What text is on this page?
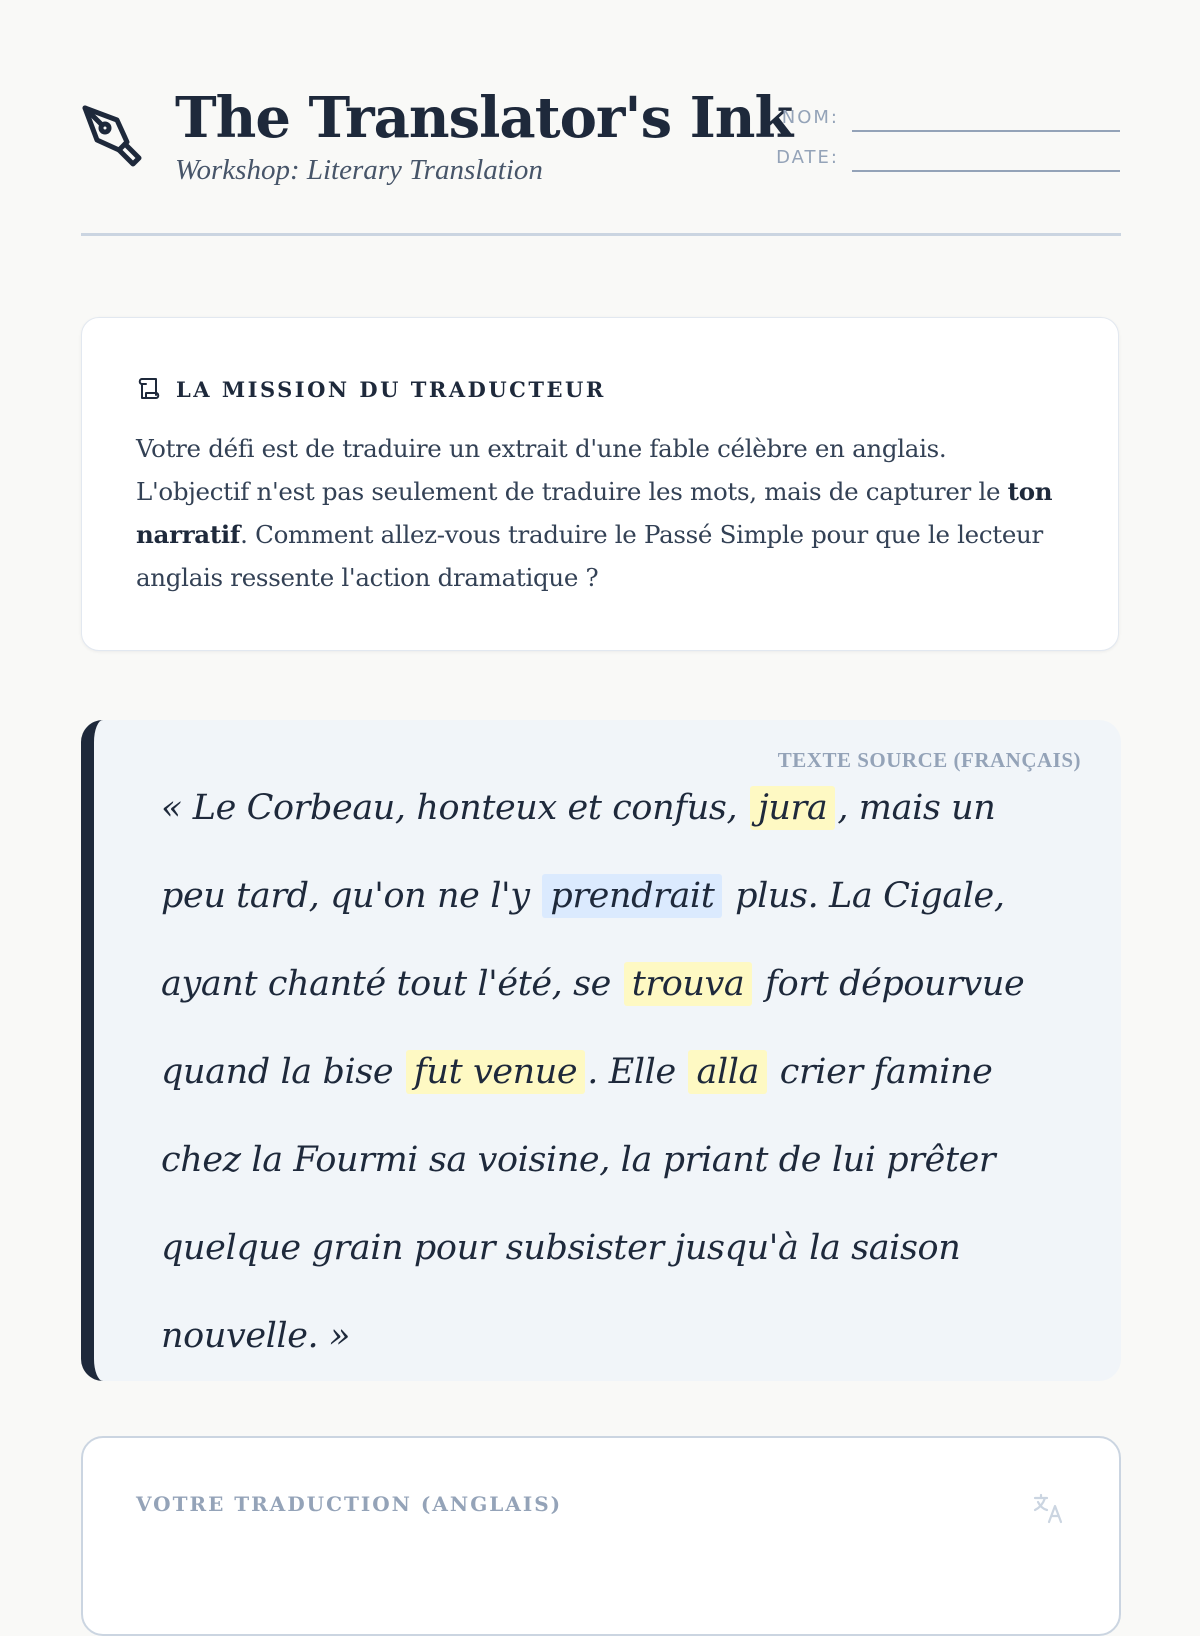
The Translator's Ink
Workshop: Literary Translation
NOM:
DATE:
LA MISSION DU TRADUCTEUR

Votre défi est de traduire un extrait d'une fable célèbre en anglais. L'objectif n'est pas seulement de traduire les mots, mais de capturer le ton narratif. Comment allez-vous traduire le Passé Simple pour que le lecteur anglais ressente l'action dramatique ?

TEXTE SOURCE (FRANÇAIS)

« Le Corbeau, honteux et confus, jura , mais un peu tard, qu'on ne l'y prendrait plus. La Cigale, ayant chanté tout l'été, se trouva fort dépourvue quand la bise fut venue . Elle alla crier famine chez la Fourmi sa voisine, la priant de lui prêter quelque grain pour subsister jusqu'à la saison nouvelle. »

VOTRE TRADUCTION (ANGLAIS)
